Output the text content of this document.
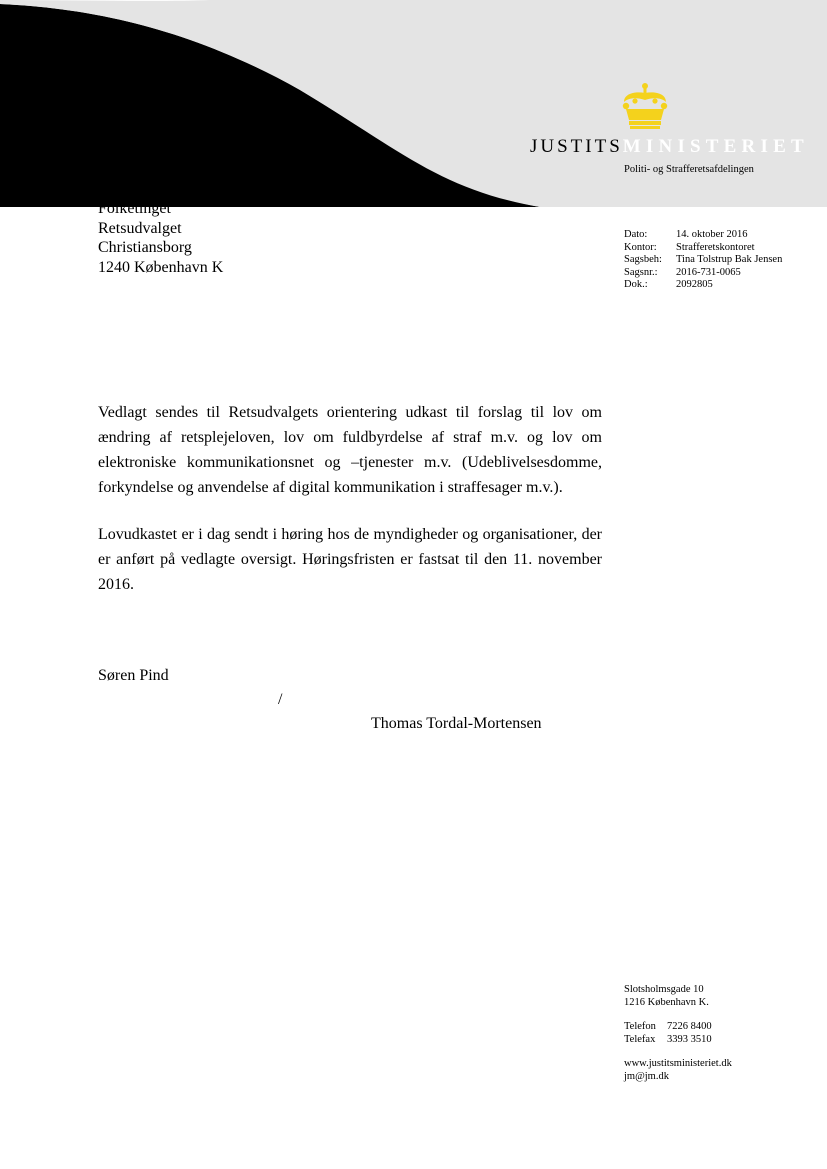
JUSTITSMINISTERIET
Politi- og Strafferetsafdelingen
Folketinget
Retsudvalget
Christiansborg
1240 København K
Dato:	14. oktober 2016
Kontor:	Strafferetskontoret
Sagsbeh:	Tina Tolstrup Bak Jensen
Sagsnr.:	2016-731-0065
Dok.:	2092805

Vedlagt sendes til Retsudvalgets orientering udkast til forslag til lov om ændring af retsplejeloven, lov om fuldbyrdelse af straf m.v. og lov om elektroniske kommunikationsnet og –tjenester m.v. (Udeblivelsesdomme, forkyndelse og anvendelse af digital kommunikation i straffesager m.v.).

Lovudkastet er i dag sendt i høring hos de myndigheder og organisationer, der er anført på vedlagte oversigt. Høringsfristen er fastsat til den 11. november 2016.

Søren Pind
/
Thomas Tordal-Mortensen
Slotsholmsgade 10
1216 København K.
Telefon	7226 8400
Telefax	3393 3510
www.justitsministeriet.dk
jm@jm.dk
